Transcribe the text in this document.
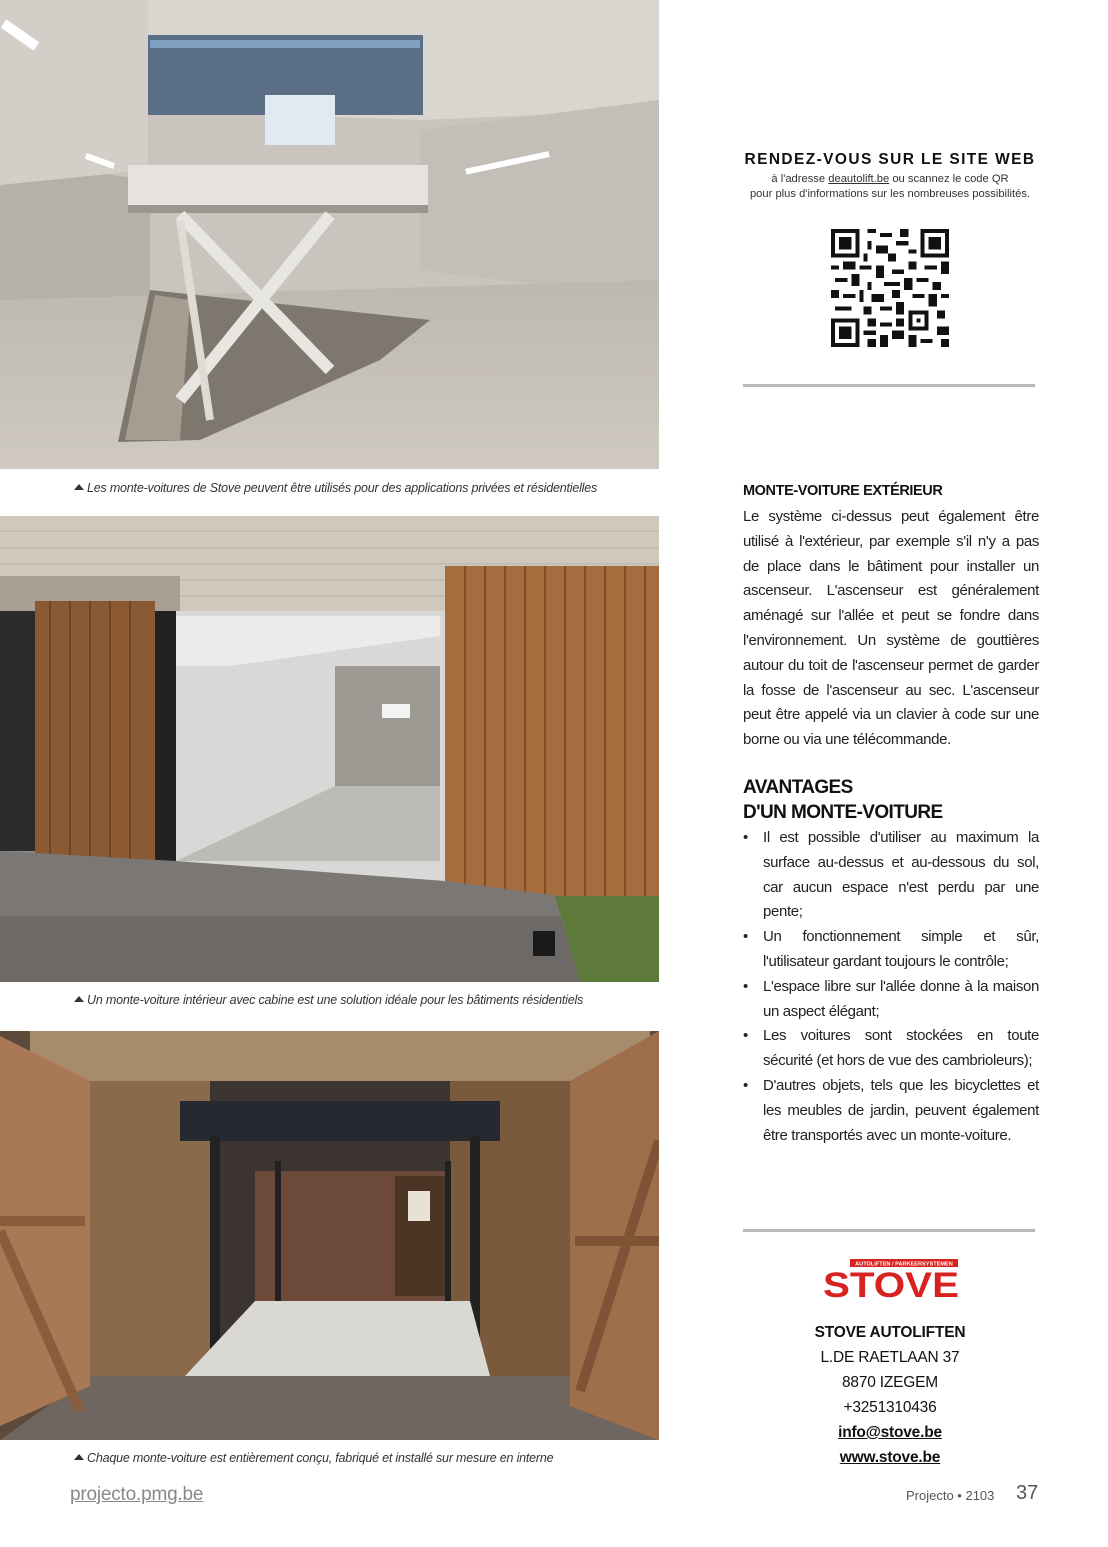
Les monte-voitures de Stove peuvent être utilisés pour des applications privées et résidentielles
Un monte-voiture intérieur avec cabine est une solution idéale pour les bâtiments résidentiels
Chaque monte-voiture est entièrement conçu, fabriqué et installé sur mesure en interne
RENDEZ-VOUS SUR LE SITE WEB
à l'adresse deautolift.be ou scannez le code QR
pour plus d'informations sur les nombreuses possibilités.
MONTE-VOITURE EXTÉRIEUR

Le système ci-dessus peut également être utilisé à l'extérieur, par exemple s'il n'y a pas de place dans le bâtiment pour installer un ascenseur. L'ascenseur est généralement aménagé sur l'allée et peut se fondre dans l'environnement. Un système de gouttières autour du toit de l'ascenseur permet de garder la fosse de l'ascenseur au sec. L'ascenseur peut être appelé via un clavier à code sur une borne ou via une télécommande.

AVANTAGES
D'UN MONTE-VOITURE
• Il est possible d'utiliser au maximum la surface au-dessus et au-dessous du sol, car aucun espace n'est perdu par une pente;
• Un fonctionnement simple et sûr, l'utilisateur gardant toujours le contrôle;
• L'espace libre sur l'allée donne à la maison un aspect élégant;
• Les voitures sont stockées en toute sécurité (et hors de vue des cambrioleurs);
• D'autres objets, tels que les bicyclettes et les meubles de jardin, peuvent également être transportés avec un monte-voiture.
AUTOLIFTEN / PARKEERSYSTEMEN
STOVE
STOVE AUTOLIFTEN
L.DE RAETLAAN 37
8870 IZEGEM
+3251310436
info@stove.be
www.stove.be
projecto.pmg.be	Projecto • 2103 37
